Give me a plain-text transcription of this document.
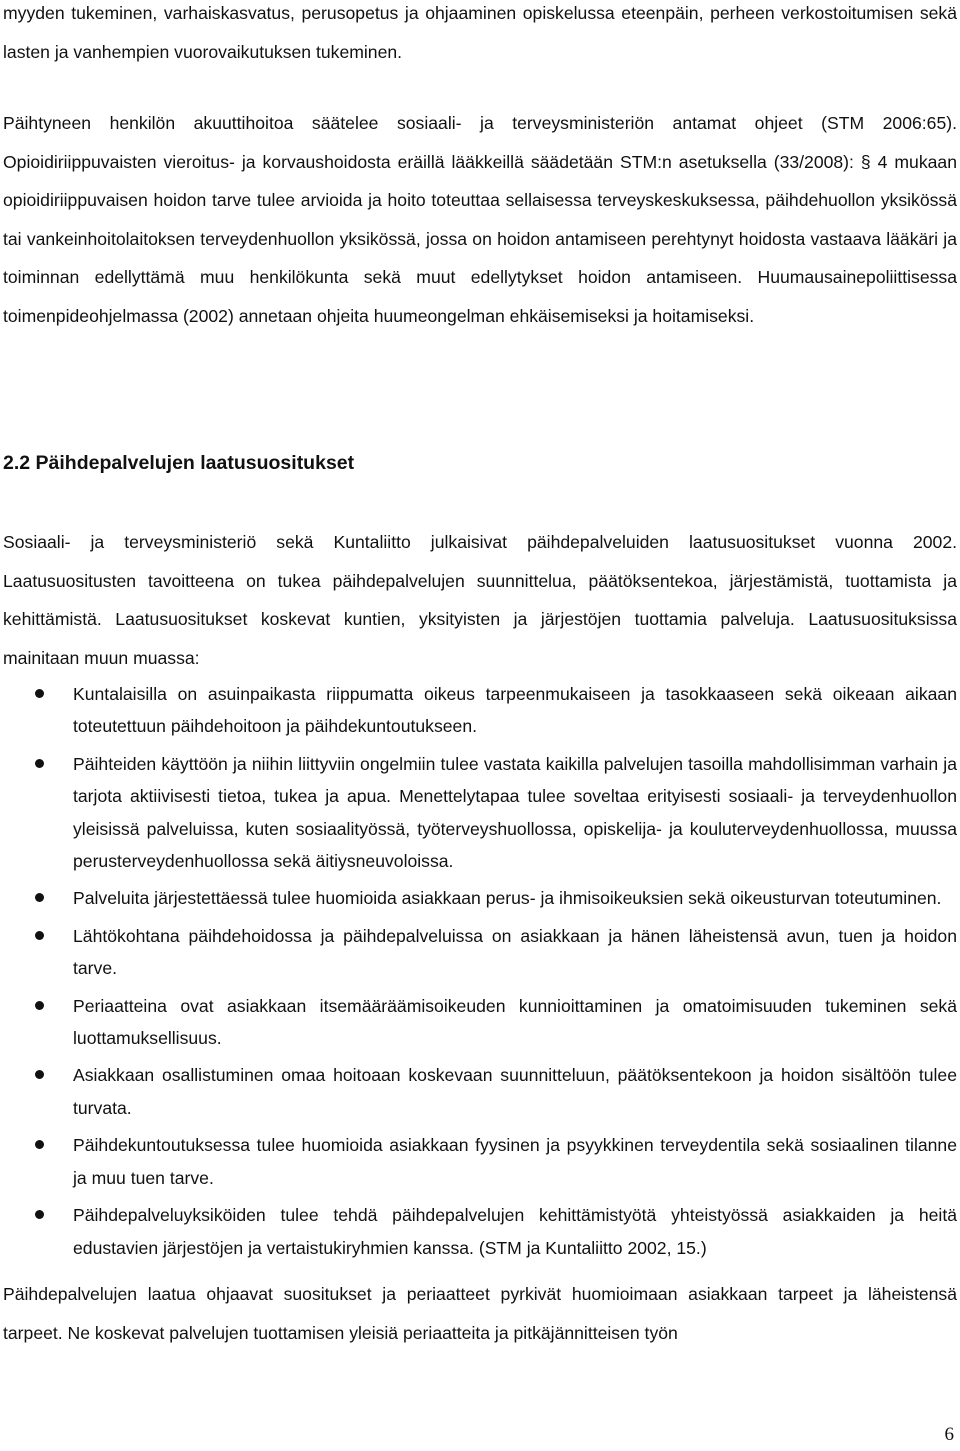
myyden tukeminen, varhaiskasvatus, perusopetus ja ohjaaminen opiskelussa eteenpäin, perheen verkostoitumisen sekä lasten ja vanhempien vuorovaikutuksen tukeminen.

Päihtyneen henkilön akuuttihoitoa säätelee sosiaali- ja terveysministeriön antamat ohjeet (STM 2006:65). Opioidiriippuvaisten vieroitus- ja korvaushoidosta eräillä lääkkeillä säädetään STM:n asetuksella (33/2008): § 4 mukaan opioidiriippuvaisen hoidon tarve tulee arvioida ja hoito toteuttaa sellaisessa terveyskeskuksessa, päihdehuollon yksikössä tai vankeinhoitolaitoksen terveydenhuollon yksikössä, jossa on hoidon antamiseen perehtynyt hoidosta vastaava lääkäri ja toiminnan edellyttämä muu henkilökunta sekä muut edellytykset hoidon antamiseen. Huumausainepoliittisessa toimenpideohjelmassa (2002) annetaan ohjeita huumeongelman ehkäisemiseksi ja hoitamiseksi.

2.2 Päihdepalvelujen laatusuositukset

Sosiaali- ja terveysministeriö sekä Kuntaliitto julkaisivat päihdepalveluiden laatusuositukset vuonna 2002. Laatusuositusten tavoitteena on tukea päihdepalvelujen suunnittelua, päätöksentekoa, järjestämistä, tuottamista ja kehittämistä. Laatusuositukset koskevat kuntien, yksityisten ja järjestöjen tuottamia palveluja. Laatusuosituksissa mainitaan muun muassa:

Kuntalaisilla on asuinpaikasta riippumatta oikeus tarpeenmukaiseen ja tasokkaaseen sekä oikeaan aikaan toteutettuun päihdehoitoon ja päihdekuntoutukseen.
Päihteiden käyttöön ja niihin liittyviin ongelmiin tulee vastata kaikilla palvelujen tasoilla mahdollisimman varhain ja tarjota aktiivisesti tietoa, tukea ja apua. Menettelytapaa tulee soveltaa erityisesti sosiaali- ja terveydenhuollon yleisissä palveluissa, kuten sosiaalityössä, työterveyshuollossa, opiskelija- ja kouluterveydenhuollossa, muussa perusterveydenhuollossa sekä äitiysneuvoloissa.
Palveluita järjestettäessä tulee huomioida asiakkaan perus- ja ihmisoikeuksien sekä oikeusturvan toteutuminen.
Lähtökohtana päihdehoidossa ja päihdepalveluissa on asiakkaan ja hänen läheistensä avun, tuen ja hoidon tarve.
Periaatteina ovat asiakkaan itsemääräämisoikeuden kunnioittaminen ja omatoimisuuden tukeminen sekä luottamuksellisuus.
Asiakkaan osallistuminen omaa hoitoaan koskevaan suunnitteluun, päätöksentekoon ja hoidon sisältöön tulee turvata.
Päihdekuntoutuksessa tulee huomioida asiakkaan fyysinen ja psyykkinen terveydentila sekä sosiaalinen tilanne ja muu tuen tarve.
Päihdepalveluyksiköiden tulee tehdä päihdepalvelujen kehittämistyötä yhteistyössä asiakkaiden ja heitä edustavien järjestöjen ja vertaistukiryhmien kanssa. (STM ja Kuntaliitto 2002, 15.)

Päihdepalvelujen laatua ohjaavat suositukset ja periaatteet pyrkivät huomioimaan asiakkaan tarpeet ja läheistensä tarpeet. Ne koskevat palvelujen tuottamisen yleisiä periaatteita ja pitkäjännitteisen työn

6
